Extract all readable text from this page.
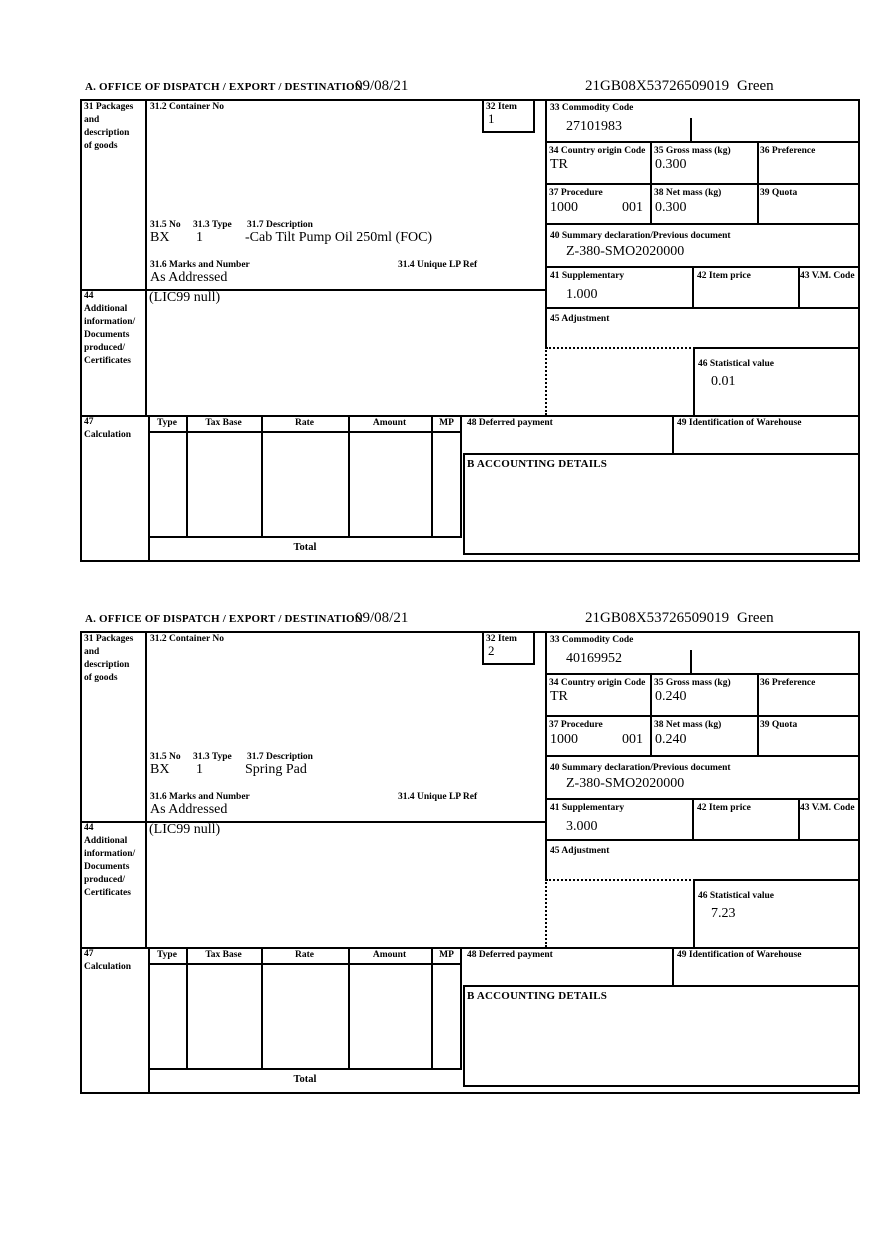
A. OFFICE OF DISPATCH / EXPORT / DESTINATION
09/08/21	21GB08X53726509019 Green
31 Packages
and
description
of goods
31.2 Container No	32 Item
1
33 Commodity Code
27101983
34 Country origin Code
TR
35 Gross mass (kg)
0.300
36 Preference
37 Procedure
1000	001
38 Net mass (kg)
0.300
39 Quota
31.5 No 31.3 Type 31.7 Description
BX 1	-Cab Tilt Pump Oil 250ml (FOC)
31.6 Marks and Number	31.4 Unique LP Ref
As Addressed
40 Summary declaration/Previous document
Z-380-SMO2020000
41 Supplementary
1.000
42 Item price	43 V.M. Code
44
Additional
information/
Documents
produced/
Certificates
(LIC99 null)
45 Adjustment
46 Statistical value
0.01
47
Calculation
Type	Tax Base	Rate	Amount	MP	48 Deferred payment	49 Identification of Warehouse
B ACCOUNTING DETAILS
Total
A. OFFICE OF DISPATCH / EXPORT / DESTINATION
09/08/21	21GB08X53726509019 Green
31 Packages
and
description
of goods
31.2 Container No	32 Item
2
33 Commodity Code
40169952
34 Country origin Code
TR
35 Gross mass (kg)
0.240
36 Preference
37 Procedure
1000	001
38 Net mass (kg)
0.240
39 Quota
31.5 No 31.3 Type 31.7 Description
BX 1	Spring Pad
31.6 Marks and Number	31.4 Unique LP Ref
As Addressed
40 Summary declaration/Previous document
Z-380-SMO2020000
41 Supplementary
3.000
42 Item price	43 V.M. Code
44
Additional
information/
Documents
produced/
Certificates
(LIC99 null)
45 Adjustment
46 Statistical value
7.23
47
Calculation
Type	Tax Base	Rate	Amount	MP	48 Deferred payment	49 Identification of Warehouse
B ACCOUNTING DETAILS
Total
